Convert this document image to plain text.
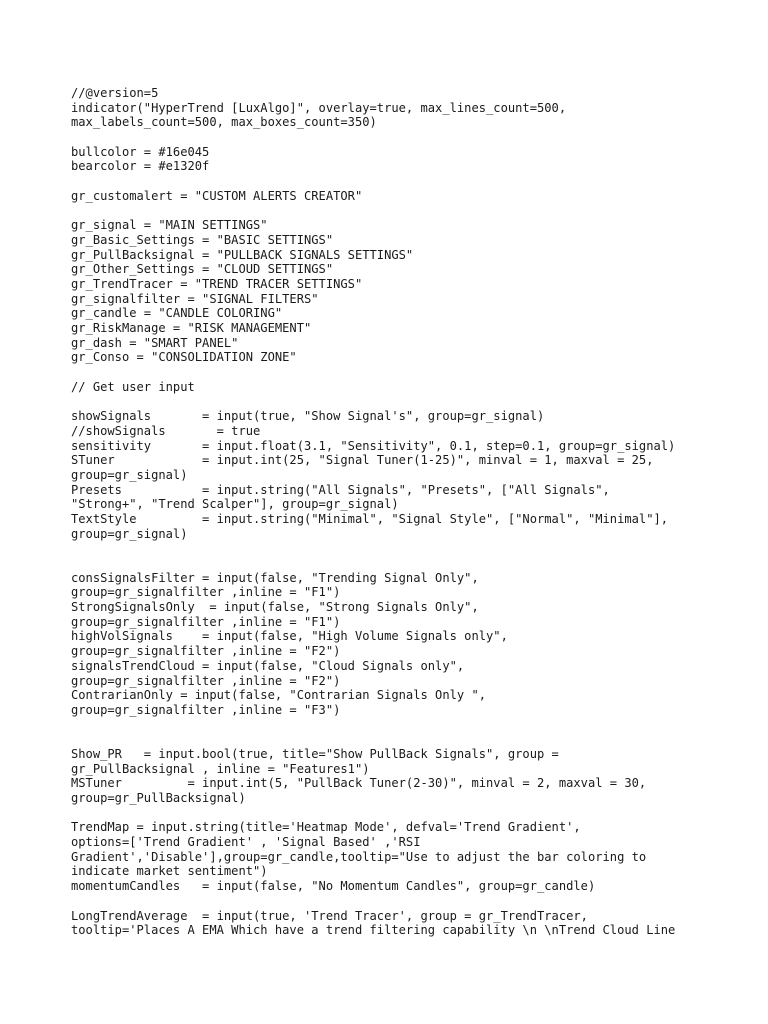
//@version=5
indicator("HyperTrend [LuxAlgo]", overlay=true, max_lines_count=500,
max_labels_count=500, max_boxes_count=350)
bullcolor = #16e045
bearcolor = #e1320f
gr_customalert = "CUSTOM ALERTS CREATOR"
gr_signal = "MAIN SETTINGS"
gr_Basic_Settings = "BASIC SETTINGS"
gr_PullBacksignal = "PULLBACK SIGNALS SETTINGS"
gr_Other_Settings = "CLOUD SETTINGS"
gr_TrendTracer = "TREND TRACER SETTINGS"
gr_signalfilter = "SIGNAL FILTERS"
gr_candle = "CANDLE COLORING"
gr_RiskManage = "RISK MANAGEMENT"
gr_dash = "SMART PANEL"
gr_Conso = "CONSOLIDATION ZONE"
// Get user input
showSignals       = input(true, "Show Signal's", group=gr_signal)
//showSignals       = true
sensitivity       = input.float(3.1, "Sensitivity", 0.1, step=0.1, group=gr_signal)
STuner            = input.int(25, "Signal Tuner(1-25)", minval = 1, maxval = 25,
group=gr_signal)
Presets           = input.string("All Signals", "Presets", ["All Signals",
"Strong+", "Trend Scalper"], group=gr_signal)
TextStyle         = input.string("Minimal", "Signal Style", ["Normal", "Minimal"],
group=gr_signal)
consSignalsFilter = input(false, "Trending Signal Only",
group=gr_signalfilter ,inline = "F1")
StrongSignalsOnly  = input(false, "Strong Signals Only",
group=gr_signalfilter ,inline = "F1")
highVolSignals    = input(false, "High Volume Signals only",
group=gr_signalfilter ,inline = "F2")
signalsTrendCloud = input(false, "Cloud Signals only",
group=gr_signalfilter ,inline = "F2")
ContrarianOnly = input(false, "Contrarian Signals Only ",
group=gr_signalfilter ,inline = "F3")
Show_PR   = input.bool(true, title="Show PullBack Signals", group =
gr_PullBacksignal , inline = "Features1")
MSTuner         = input.int(5, "PullBack Tuner(2-30)", minval = 2, maxval = 30,
group=gr_PullBacksignal)
TrendMap = input.string(title='Heatmap Mode', defval='Trend Gradient',
options=['Trend Gradient' , 'Signal Based' ,'RSI
Gradient','Disable'],group=gr_candle,tooltip="Use to adjust the bar coloring to
indicate market sentiment")
momentumCandles   = input(false, "No Momentum Candles", group=gr_candle)
LongTrendAverage  = input(true, 'Trend Tracer', group = gr_TrendTracer,
tooltip='Places A EMA Which have a trend filtering capability \n \nTrend Cloud Line
